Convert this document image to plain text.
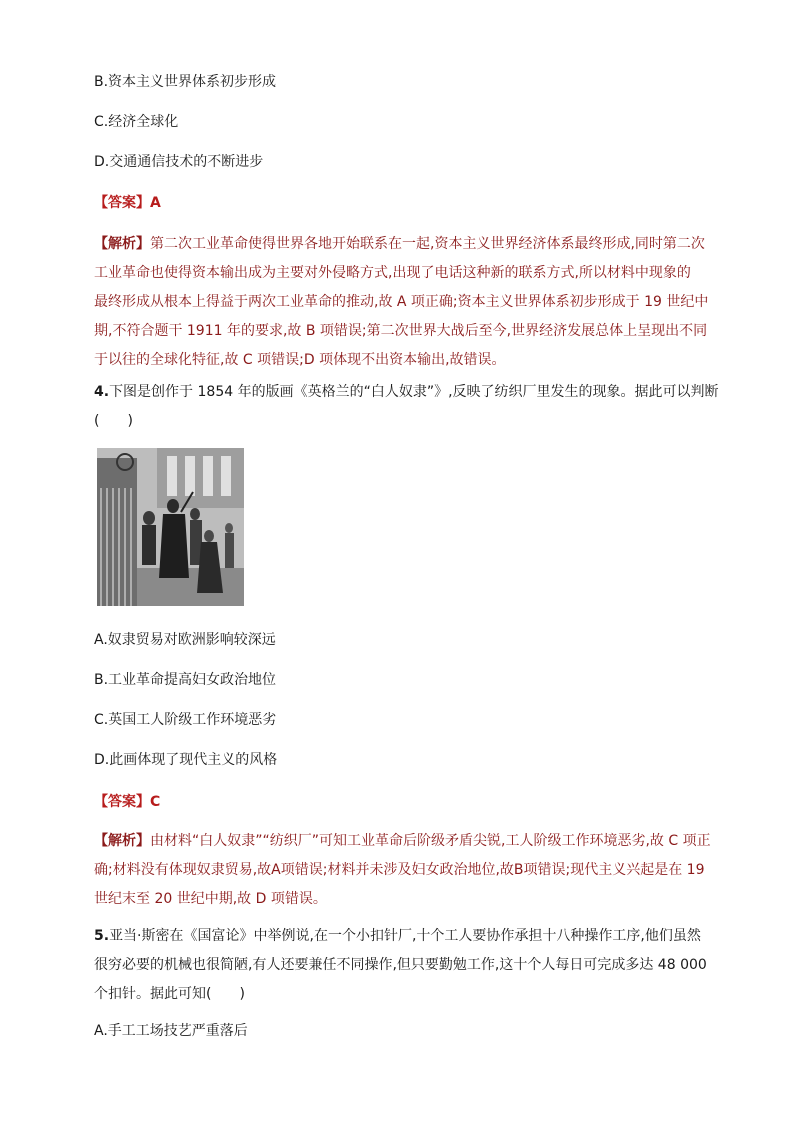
B.资本主义世界体系初步形成
C.经济全球化
D.交通通信技术的不断进步
【答案】A
【解析】第二次工业革命使得世界各地开始联系在一起,资本主义世界经济体系最终形成,同时第二次
工业革命也使得资本输出成为主要对外侵略方式,出现了电话这种新的联系方式,所以材料中现象的
最终形成从根本上得益于两次工业革命的推动,故 A 项正确;资本主义世界体系初步形成于 19 世纪中
期,不符合题干 1911 年的要求,故 B 项错误;第二次世界大战后至今,世界经济发展总体上呈现出不同
于以往的全球化特征,故 C 项错误;D 项体现不出资本输出,故错误。
4.下图是创作于 1854 年的版画《英格兰的“白人奴隶”》,反映了纺织厂里发生的现象。据此可以判断
(　　)
A.奴隶贸易对欧洲影响较深远
B.工业革命提高妇女政治地位
C.英国工人阶级工作环境恶劣
D.此画体现了现代主义的风格
【答案】C
【解析】由材料“白人奴隶”“纺织厂”可知工业革命后阶级矛盾尖锐,工人阶级工作环境恶劣,故 C 项正
确;材料没有体现奴隶贸易,故A项错误;材料并未涉及妇女政治地位,故B项错误;现代主义兴起是在 19
世纪末至 20 世纪中期,故 D 项错误。
5.亚当·斯密在《国富论》中举例说,在一个小扣针厂,十个工人要协作承担十八种操作工序,他们虽然
很穷必要的机械也很简陋,有人还要兼任不同操作,但只要勤勉工作,这十个人每日可完成多达 48 000
个扣针。据此可知(　　)
A.手工工场技艺严重落后
